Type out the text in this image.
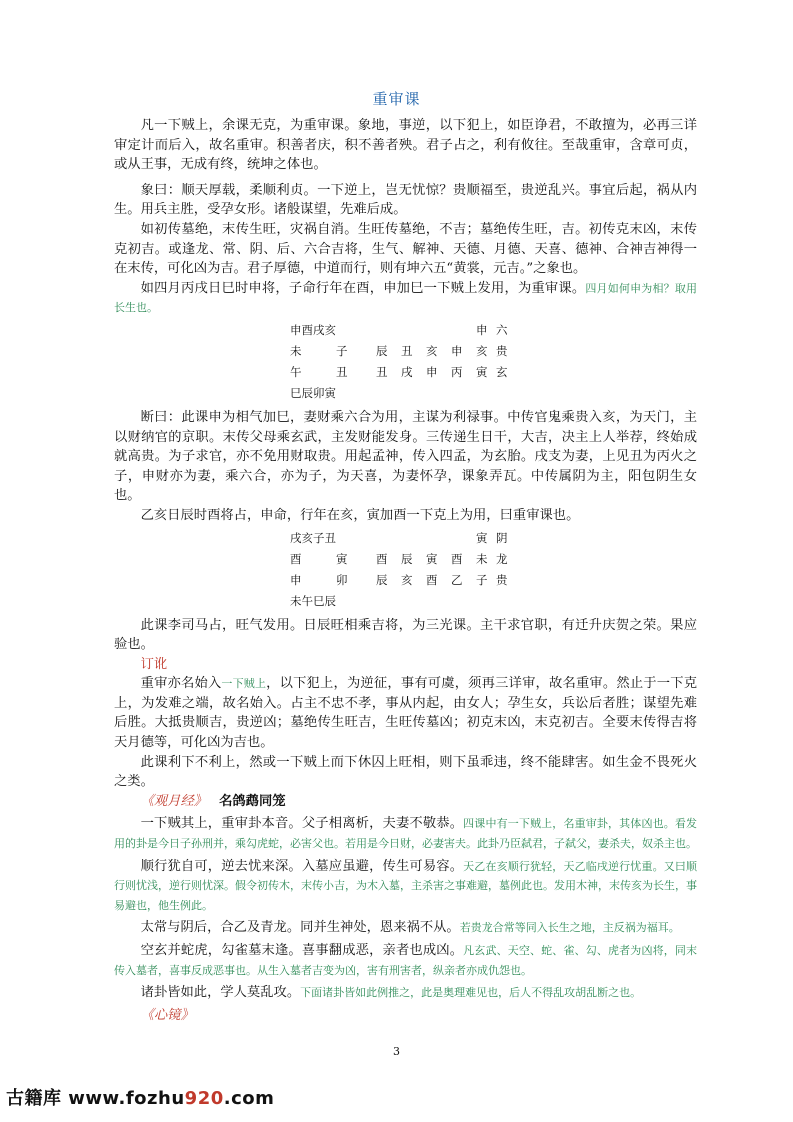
重审课

凡一下贼上，余课无克，为重审课。象地，事逆，以下犯上，如臣诤君，不敢擅为，必再三详审定计而后入，故名重审。积善者庆，积不善者殃。君子占之，利有攸往。至哉重审，含章可贞，或从王事，无成有终，统坤之体也。

象曰：顺天厚载，柔顺利贞。一下逆上，岂无忧惊？贵顺福至，贵逆乱兴。事宜后起，祸从内生。用兵主胜，受孕女形。诸般谋望，先难后成。

如初传墓绝，末传生旺，灾祸自消。生旺传墓绝，不吉；墓绝传生旺，吉。初传克末凶，末传克初吉。或逢龙、常、阴、后、六合吉将，生气、解神、天德、月德、天喜、德神、合神吉神得一在末传，可化凶为吉。君子厚德，中道而行，则有坤六五“黄裳，元吉。”之象也。

如四月丙戌日巳时申将，子命行年在酉，申加巳一下贼上发用，为重审课。四月如何申为相？取用长生也。

申酉戌亥	申 六
未	子	辰	丑	亥	申	亥 贵
午	丑	丑	戌	申	丙	寅 玄
巳辰卯寅

断曰：此课申为相气加巳，妻财乘六合为用，主谋为利禄事。中传官鬼乘贵入亥，为天门，主以财纳官的京职。末传父母乘玄武，主发财能发身。三传递生日干，大吉，决主上人举荐，终始成就高贵。为子求官，亦不免用财取贵。用起孟神，传入四孟，为玄胎。戌支为妻，上见丑为丙火之子，申财亦为妻，乘六合，亦为子，为天喜，为妻怀孕，课象弄瓦。中传属阴为主，阳包阴生女也。

乙亥日辰时酉将占，申命，行年在亥，寅加酉一下克上为用，曰重审课也。

戌亥子丑	寅 阴
酉	寅	酉	辰	寅	酉	未 龙
申	卯	辰	亥	酉	乙	子 贵
未午巳辰

此课李司马占，旺气发用。日辰旺相乘吉将，为三光课。主干求官职，有迁升庆贺之荣。果应验也。

订讹

重审亦名始入一下贼上，以下犯上，为逆征，事有可虞，须再三详审，故名重审。然止于一下克上，为发难之端，故名始入。占主不忠不孝，事从内起，由女人；孕生女，兵讼后者胜；谋望先难后胜。大抵贵顺吉，贵逆凶；墓绝传生旺吉，生旺传墓凶；初克末凶，末克初吉。全要末传得吉将天月德等，可化凶为吉也。

此课利下不利上，然或一下贼上而下休囚上旺相，则下虽乖违，终不能肆害。如生金不畏死火之类。

《观月经》 名鸽鹉同笼

一下贼其上，重审卦本音。父子相离析，夫妻不敬恭。四课中有一下贼上，名重审卦，其体凶也。看发用的卦是今日子孙刑并，乘勾虎蛇，必害父也。若用是今日财，必妻害夫。此卦乃臣弑君，子弑父，妻杀夫，奴杀主也。

顺行犹自可，逆去忧来深。入墓应虽避，传生可易容。天乙在亥顺行犹轻，天乙临戌逆行忧重。又曰顺行则忧浅，逆行则忧深。假令初传木，末传小吉，为木入墓，主杀害之事难避，墓例此也。发用木神，末传亥为长生，事易避也，他生例此。

太常与阴后，合乙及青龙。同并生神处，恩来祸不从。若贵龙合常等同入长生之地，主反祸为福耳。

空玄并蛇虎，勾雀墓末逢。喜事翻成恶，亲者也成凶。凡玄武、天空、蛇、雀、勾、虎者为凶将，同末传入墓者，喜事反成恶事也。从生入墓者吉变为凶，害有刑害者，纵亲者亦成仇怨也。

诸卦皆如此，学人莫乱攻。下面诸卦皆如此例推之，此是奥理难见也，后人不得乱攻胡乱断之也。

《心镜》
3
古籍库 www.fozhu920.com
